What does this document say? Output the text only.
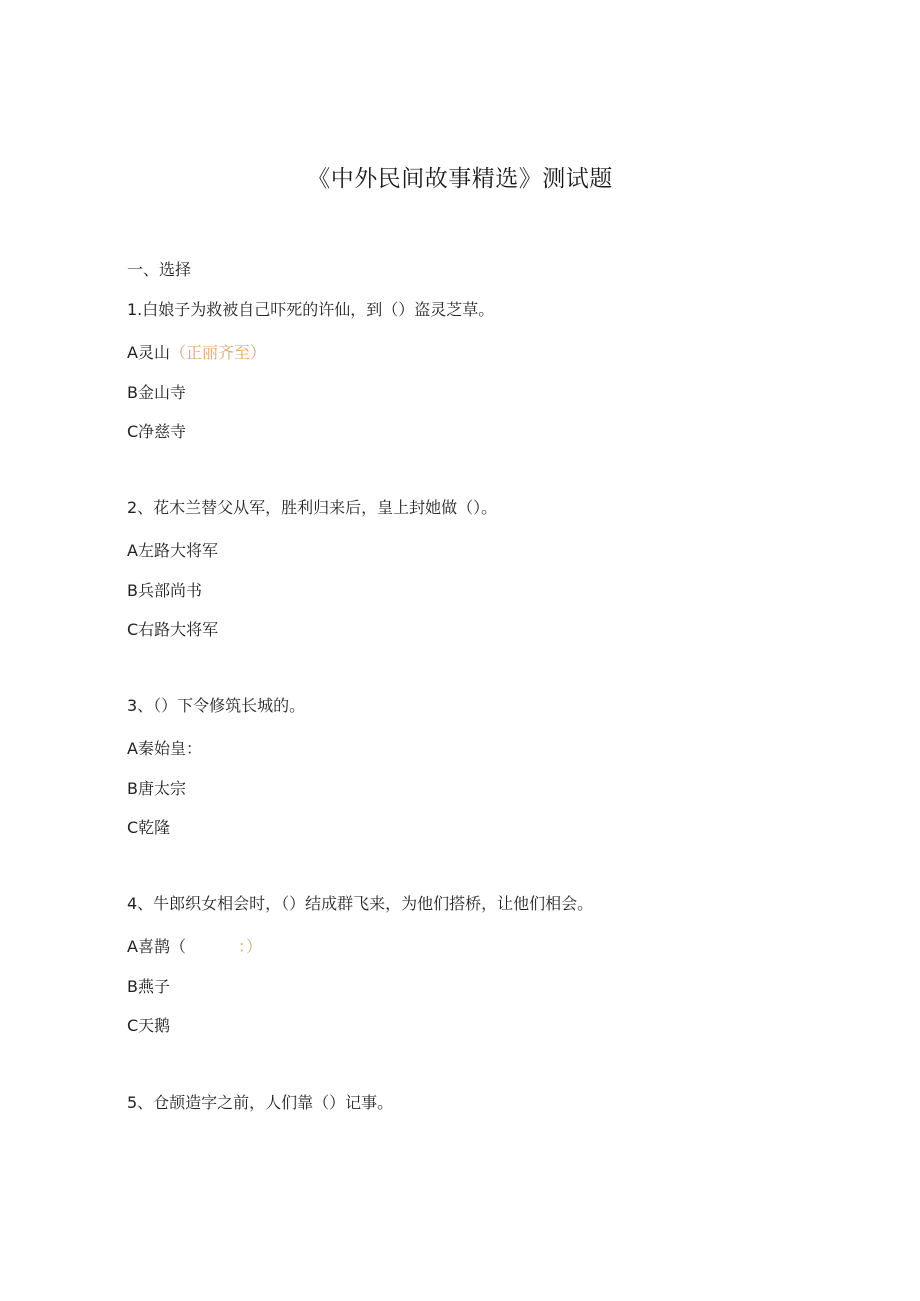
《中外民间故事精选》测试题
一、选择
1.白娘子为救被自己吓死的许仙，到（）盗灵芝草。
A灵山（正丽齐至）
B金山寺
C净慈寺
2、花木兰替父从军，胜利归来后，皇上封她做（）。
A左路大将军
B兵部尚书
C右路大将军
3、（）下令修筑长城的。
A秦始皇：
B唐太宗
C乾隆
4、牛郎织女相会时，（）结成群飞来，为他们搭桥，让他们相会。
A喜鹊（	：）
B燕子
C天鹅
5、仓颉造字之前，人们靠（）记事。
